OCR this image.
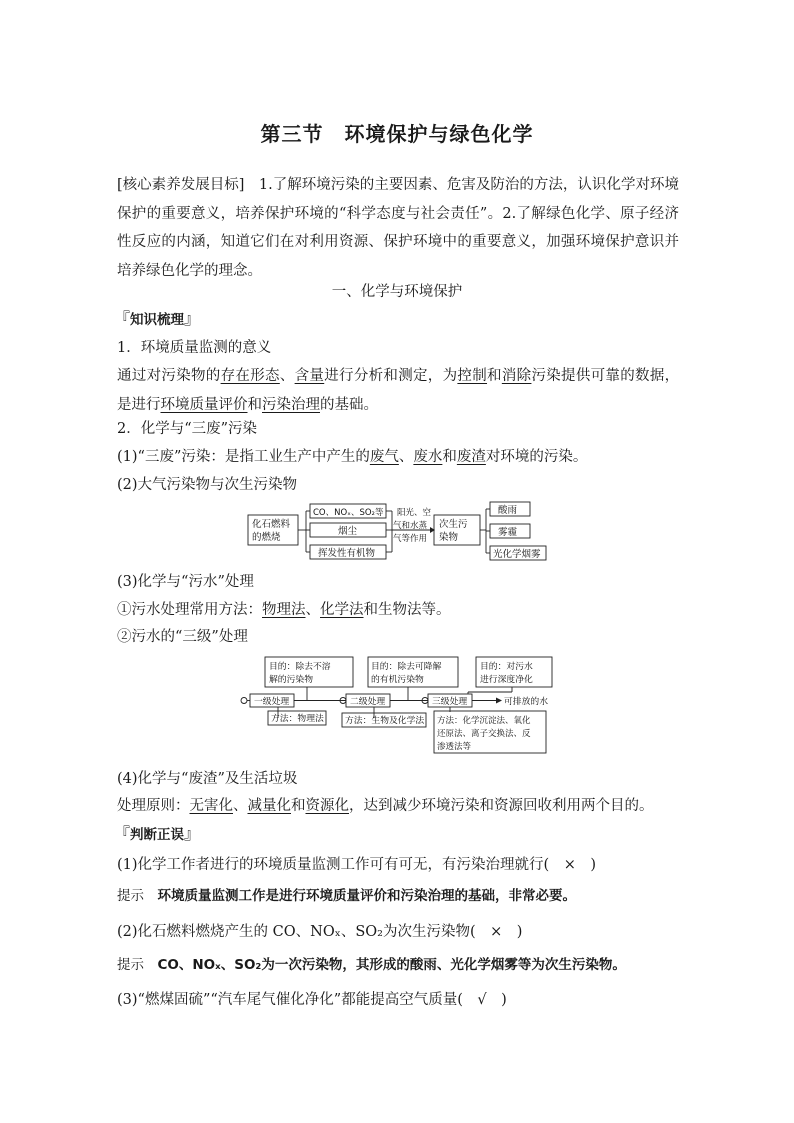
第三节　环境保护与绿色化学
[核心素养发展目标]　1.了解环境污染的主要因素、危害及防治的方法，认识化学对环境保护的重要意义，培养保护环境的“科学态度与社会责任”。2.了解绿色化学、原子经济性反应的内涵，知道它们在对利用资源、保护环境中的重要意义，加强环境保护意识并培养绿色化学的理念。
一、化学与环境保护
『知识梳理』
1．环境质量监测的意义
通过对污染物的存在形态、含量进行分析和测定，为控制和消除污染提供可靠的数据，是进行环境质量评价和污染治理的基础。
2．化学与“三废”污染
(1)“三废”污染：是指工业生产中产生的废气、废水和废渣对环境的污染。
(2)大气污染物与次生污染物
化石燃料
的燃烧
CO、NOₓ、SO₂等
烟尘
挥发性有机物
阳光、空
气和水蒸
气等作用
次生污
染物
酸雨
雾霾
光化学烟雾
(3)化学与“污水”处理
①污水处理常用方法：物理法、化学法和生物法等。
②污水的“三级”处理
目的：除去不溶
解的污染物
目的：除去可降解
的有机污染物
目的：对污水
进行深度净化
一级处理	二级处理	三级处理	可排放的水
方法：物理法 方法：生物及化学法 方法：化学沉淀法、氧化
还原法、离子交换法、反
渗透法等
(4)化学与“废渣”及生活垃圾
处理原则：无害化、减量化和资源化，达到减少环境污染和资源回收利用两个目的。
『判断正误』
(1)化学工作者进行的环境质量监测工作可有可无，有污染治理就行(　×　)
提示　环境质量监测工作是进行环境质量评价和污染治理的基础，非常必要。
(2)化石燃料燃烧产生的 CO、NOₓ、SO₂为次生污染物(　×　)
提示　CO、NOₓ、SO₂为一次污染物，其形成的酸雨、光化学烟雾等为次生污染物。
(3)“燃煤固硫”“汽车尾气催化净化”都能提高空气质量(　√　)
